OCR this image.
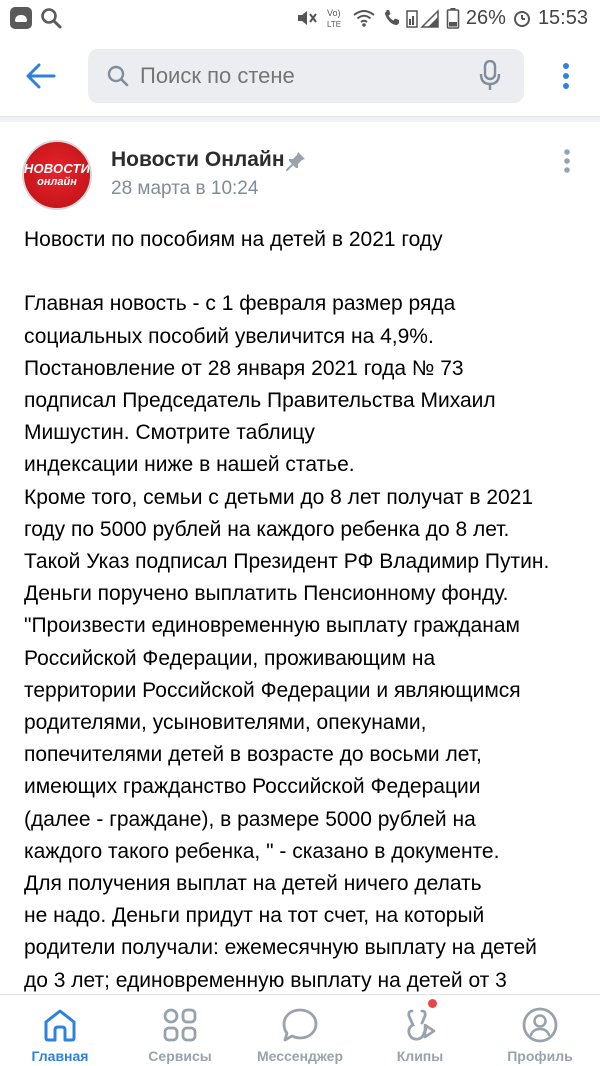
Vo)
LTE	26% 15:53
Поиск по стене
НОВОСТИ
онлайн
Новости Онлайн
28 марта в 10:24
Новости по пособиям на детей в 2021 году

Главная новость - с 1 февраля размер ряда
социальных пособий увеличится на 4,9%.
Постановление от 28 января 2021 года № 73
подписал Председатель Правительства Михаил
Мишустин. Смотрите таблицу
индексации ниже в нашей статье.
Кроме того, семьи с детьми до 8 лет получат в 2021
году по 5000 рублей на каждого ребенка до 8 лет.
Такой Указ подписал Президент РФ Владимир Путин.
Деньги поручено выплатить Пенсионному фонду.
"Произвести единовременную выплату гражданам
Российской Федерации, проживающим на
территории Российской Федерации и являющимся
родителями, усыновителями, опекунами,
попечителями детей в возрасте до восьми лет,
имеющих гражданство Российской Федерации
(далее - граждане), в размере 5000 рублей на
каждого такого ребенка, " - сказано в документе.
Для получения выплат на детей ничего делать
не надо. Деньги придут на тот счет, на который
родители получали: ежемесячную выплату на детей
до 3 лет; единовременную выплату на детей от 3
Главная	Сервисы	Мессенджер	Клипы	Профиль
